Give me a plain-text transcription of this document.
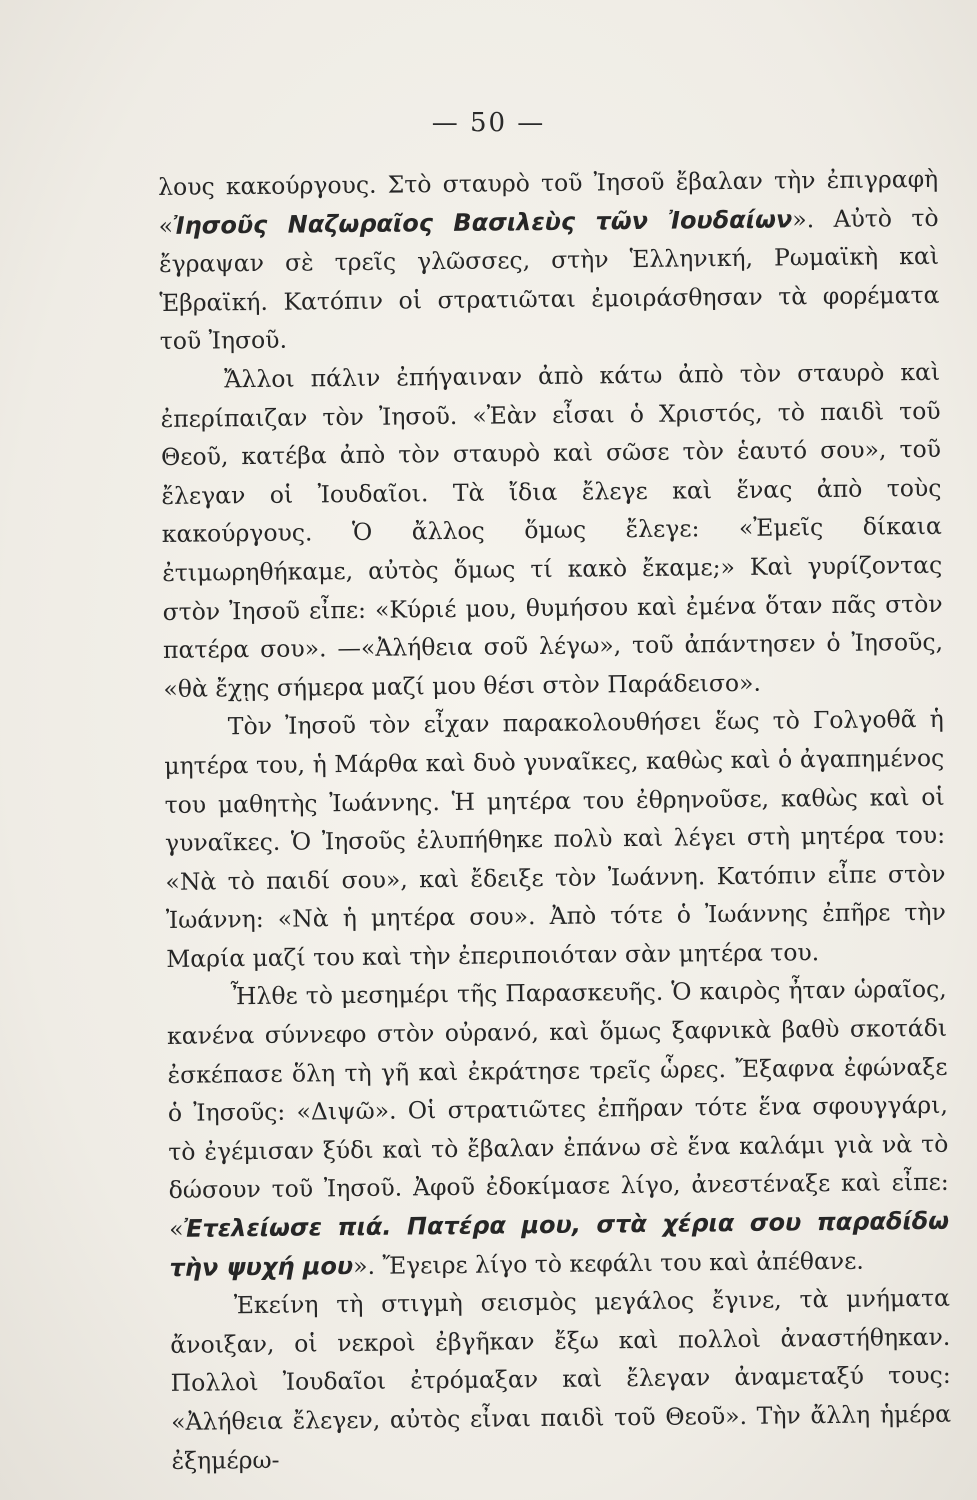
— 50 —

λους κακούργους. Στὸ σταυρὸ τοῦ Ἰησοῦ ἔβαλαν τὴν ἐπιγραφὴ «Ἰησοῦς Ναζωραῖος Βασιλεὺς τῶν Ἰουδαίων». Αὐτὸ τὸ ἔγραψαν σὲ τρεῖς γλῶσσες, στὴν Ἑλληνική, Ρωμαϊκὴ καὶ Ἑβραϊκή. Κατόπιν οἱ στρατιῶται ἐμοιράσθησαν τὰ φορέματα τοῦ Ἰησοῦ.

Ἄλλοι πάλιν ἐπήγαιναν ἀπὸ κάτω ἀπὸ τὸν σταυρὸ καὶ ἐπερίπαιζαν τὸν Ἰησοῦ. «Ἐὰν εἶσαι ὁ Χριστός, τὸ παιδὶ τοῦ Θεοῦ, κατέβα ἀπὸ τὸν σταυρὸ καὶ σῶσε τὸν ἑαυτό σου», τοῦ ἔλεγαν οἱ Ἰουδαῖοι. Τὰ ἴδια ἔλεγε καὶ ἕνας ἀπὸ τοὺς κακούργους. Ὁ ἄλλος ὅμως ἔλεγε: «Ἐμεῖς δίκαια ἐτιμωρηθήκαμε, αὐτὸς ὅμως τί κακὸ ἔκαμε;» Καὶ γυρίζοντας στὸν Ἰησοῦ εἶπε: «Κύριέ μου, θυμήσου καὶ ἐμένα ὅταν πᾶς στὸν πατέρα σου». —«Ἀλήθεια σοῦ λέγω», τοῦ ἀπάντησεν ὁ Ἰησοῦς, «θὰ ἔχῃς σήμερα μαζί μου θέσι στὸν Παράδεισο».

Τὸν Ἰησοῦ τὸν εἶχαν παρακολουθήσει ἕως τὸ Γολγοθᾶ ἡ μητέρα του, ἡ Μάρθα καὶ δυὸ γυναῖκες, καθὼς καὶ ὁ ἀγαπημένος του μαθητὴς Ἰωάννης. Ἡ μητέρα του ἐθρηνοῦσε, καθὼς καὶ οἱ γυναῖκες. Ὁ Ἰησοῦς ἐλυπήθηκε πολὺ καὶ λέγει στὴ μητέρα του: «Νὰ τὸ παιδί σου», καὶ ἔδειξε τὸν Ἰωάννη. Κατόπιν εἶπε στὸν Ἰωάννη: «Νὰ ἡ μητέρα σου». Ἀπὸ τότε ὁ Ἰωάννης ἐπῆρε τὴν Μαρία μαζί του καὶ τὴν ἐπεριποιόταν σὰν μητέρα του.

Ἦλθε τὸ μεσημέρι τῆς Παρασκευῆς. Ὁ καιρὸς ἦταν ὡραῖος, κανένα σύννεφο στὸν οὐρανό, καὶ ὅμως ξαφνικὰ βαθὺ σκοτάδι ἐσκέπασε ὅλη τὴ γῆ καὶ ἐκράτησε τρεῖς ὧρες. Ἔξαφνα ἐφώναξε ὁ Ἰησοῦς: «Διψῶ». Οἱ στρατιῶτες ἐπῆραν τότε ἕνα σφουγγάρι, τὸ ἐγέμισαν ξύδι καὶ τὸ ἔβαλαν ἐπάνω σὲ ἕνα καλάμι γιὰ νὰ τὸ δώσουν τοῦ Ἰησοῦ. Ἀφοῦ ἐδοκίμασε λίγο, ἀνεστέναξε καὶ εἶπε: «Ἐτελείωσε πιά. Πατέρα μου, στὰ χέρια σου παραδίδω τὴν ψυχή μου». Ἔγειρε λίγο τὸ κεφάλι του καὶ ἀπέθανε.

Ἐκείνη τὴ στιγμὴ σεισμὸς μεγάλος ἔγινε, τὰ μνήματα ἄνοιξαν, οἱ νεκροὶ ἐβγῆκαν ἔξω καὶ πολλοὶ ἀναστήθηκαν. Πολλοὶ Ἰουδαῖοι ἐτρόμαξαν καὶ ἔλεγαν ἀναμεταξύ τους: «Ἀλήθεια ἔλεγεν, αὐτὸς εἶναι παιδὶ τοῦ Θεοῦ». Τὴν ἄλλη ἡμέρα ἐξημέρω-
